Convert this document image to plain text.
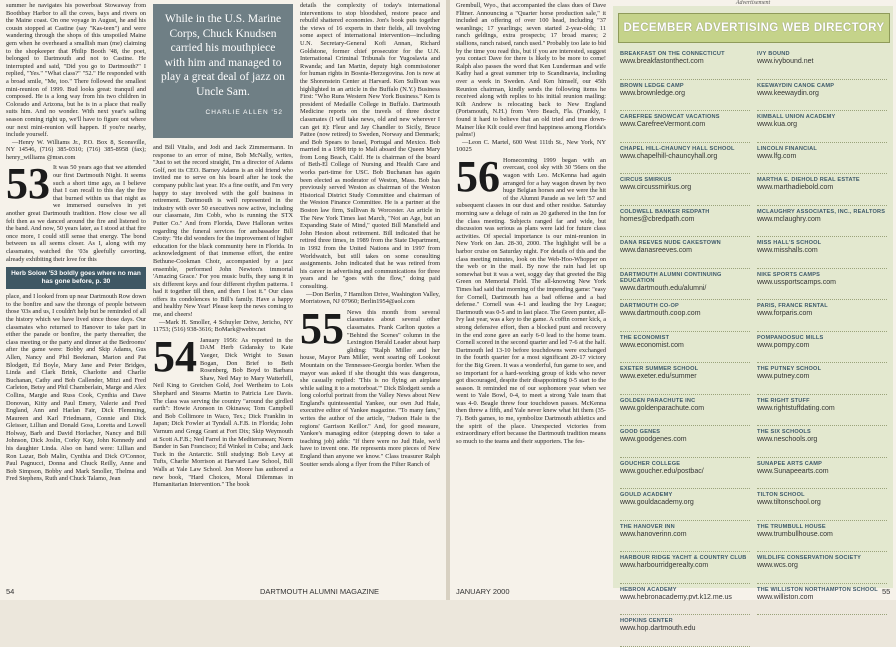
summer he navigates his powerboat Stowaway from Boothbay Harbor to all the coves, bays and rivers on the Maine coast. On one voyage in August, he and his cousin stopped at Castine (say "Kas-teen") and were wandering through the shops of this unspoiled Maine gem when he overheard a smallish man (me) claiming to the shopkeeper that Philip Booth '48, the poet, belonged to Dartmouth and not to Castine. He interrupted and said, "Did you go to Dartmouth?" I replied, "Yes." "What class?" "52." He responded with a broad smile, "Me, too." There followed the smallest mini-reunion of 1999. Bud looks great: tranquil and composed. He is a long way from his two children in Colorado and Arizona, but he is in a place that really suits him. And no wonder. With next year's sailing season coming right up, we'll have to figure out where our next mini-reunion will happen. If you're nearby, include yourself.

—Henry W. Williams Jr., P.O. Box 8, Sconsville, NY 14546, (716) 385-0310; (716) 385-8958 (fax); henry_williams @msn.com

53 It was 50 years ago that we attended our first Dartmouth Night. It seems such a short time ago, as I believe that I can recall to this day the fire that burned within us that night as we immersed ourselves in yet another great Dartmouth tradition. How close we all felt then as we danced around the fire and listened to the band. And now, 50 years later, as I stood at that fire once more, I could still sense that energy. The bond between us all seems closer. As I, along with my classmates, watched the '03s gleefully cavorting, already exhibiting their love for this
Herb Solow '53 boldly goes where no man has gone before, p. 30

place, and I looked from up near Dartmouth Row down to the bonfire and saw the throngs of people between those '03s and us, I couldn't help but be reminded of all the history which we have lived since those days. Our classmates who returned to Hanover to take part in either the parade or bonfire, the party thereafter, the class meeting or the party and dinner at the Bedrooms' after the game were: Bobby and Skip Adams, Gus Allen, Nancy and Phil Beekman, Marion and Pat Blodgett, Ed Boyle, Mary Jane and Peter Bridges, Linda and Clark Brink, Charlotte and Charlie Buchanan, Cathy and Bob Callender, Mitzi and Fred Carleton, Betsy and Phil Chamberlain, Marge and Alex Collins, Margie and Russ Cook, Cynthia and Dave Donovan, Kitty and Paul Emery, Valerie and Fred England, Ann and Harlan Fair, Dick Flemming, Maureen and Karl Friedmann, Connie and Dick Gleisser, Lillian and Donald Goss, Loretta and Lowell Holway, Barb and David Horlacher, Nancy and Bill Johnson, Dick Joslin, Corky Kay, John Kennedy and his daughter Linda. Also on hand were: Lillian and Ron Lazar, Bob Malin, Cynthia and Dick O'Connor, Paul Pagnucci, Donna and Chuck Reilly, Anne and Bob Simpson, Bobby and Mark Smoller, Thelma and Fred Stephens, Ruth and Chuck Talamo, Jean

While in the U.S. Marine Corps, Chuck Knudsen carried his mouthpiece with him and managed to play a great deal of jazz on Uncle Sam.
CHARLIE ALLEN '52

and Bill Vitalis, and Jodi and Jack Zimmermann. In response to an error of mine, Bob McNally, writes, "Just to set the record straight, I'm a director of Adams Golf, not its CEO. Barney Adams is an old friend who invited me to serve on his board after he took the company public last year. It's a fine outfit, and I'm very happy to stay involved with the golf business in retirement. Dartmouth is well represented in the industry with over 50 executives now active, including our classmate, Jim Cobb, who is running the STX Putter Co." And from Florida, Dave Halloran writes regarding the funeral services for ambassador Bill Crotty: "He did wonders for the improvement of higher education for the black community here in Florida. In acknowledgment of that immense effort, the entire Bethune-Cookman Choir, accompanied by a jazz ensemble, performed John Newton's immortal 'Amazing Grace.' For you music buffs, they sang it in six different keys and four different rhythm patterns. I had it together till then, and then I lost it." Our class offers its condolences to Bill's family. Have a happy and healthy New Year! Please keep the news coming to me, and cheers!

—Mark H. Smoller, 4 Schuyler Drive, Jericho, NY 11753; (516) 938-3616; BoMark@webtv.net

54 January 1956: As reported in the DAM Herb Gidansky to Kate Yaeger, Dick Wright to Susan Bogan, Don Brief to Beth Rosenberg, Bob Boyd to Barbara Shaw, Ned May to Mary Watterhill, Neil King to Gretchen Gold, Joel Wertheim to Lois Shephard and Stearns Martin to Patricia Lee Davis. The class was serving the country "around the girdled earth": Howie Aronson in Okinawa; Tom Campbell and Bob Collimore in Waco, Tex.; Dick Franklin in Japan; Dick Fowler at Tyndall A.F.B. in Florida; John Varnum and Gregg Grant at Fort Dix; Skip Weymouth at Scott A.F.B.; Ned Farrel in the Mediterranean; Norm Bander in San Francisco; Ed Winkel in Cuba; and Jack Tuck in the Antarctic. Still studying: Bob Levy at Tufts, Charlie Morrison at Harvard Law School, Bill Walls at Yale Law School. Jon Moore has authored a new book, "Hard Choices, Moral Dilemmas in Humanitarian Intervention." The book

details the complexity of today's international interventions to stop bloodshed, restore peace and rebuild shattered economies. Jon's book puts together the views of 16 experts in their fields, all involving some aspect of international intervention—including U.N. Secretary-General Kofi Annan, Richard Goldstone, former chief prosecutor for the U.N. International Criminal Tribunals for Yugoslavia and Rwanda; and Ian Martin, deputy high commissioner for human rights in Bosnia-Herzegovina. Jon is now at the Shorenstein Center at Harvard. Ken Sullivan was highlighted in an article in the Buffalo (N.Y.) Business First: "Who Runs Western New York Business." Ken is president of Medaille College in Buffalo. Dartmouth Medicine reports on the travels of three doctor classmates (I will take news, old and new wherever I can get it): Fleur and Jay Chandler to Sicily, Bruce Pattee (now retired) to Sweden, Norway and Denmark; and Bob Spears to Israel, Portugal and Mexico. Bob married in a 1998 trip to Mali aboard the Queen Mary from Long Beach, Calif. He is chairman of the board of Beth-El College of Nursing and Health Care and works part-time for USC. Bob Buchanan has again been elected as moderator of Weston, Mass. Bob has previously served Weston as chairman of the Weston Historical District Study Committee and chairman of the Weston Finance Committee. He is a partner at the Boston law firm, Sullivan & Worcester. An article in The New York Times last March, "Not an Age, but an Expanding State of Mind," quoted Bill Mansfield and John Heston about retirement. Bill indicated that he retired three times, in 1989 from the State Department, in 1992 from the United Nations and in 1997 from Worldwatch, but still takes on some consulting assignments. John indicated that he was retired from his career in advertising and communications for three years and he "goes with the flow," doing paid consulting.

—Don Berlin, 7 Hamilton Drive, Washington Valley, Morristown, NJ 07960; Berlin1954@aol.com

55 News this month from several classmates about several other classmates. Frank Carlton quotes a "Behind the Scenes" column in the Lexington Herald Leader about harp gliding: "Ralph Miller and her house, Mayor Pam Miller, went soaring off Lookout Mountain on the Tennessee-Georgia border. When the mayor was asked if she thought this was dangerous, she casually replied: 'This is no flying an airplane while sailing it to a motorboat.'" Dick Blodgett sends a long colorful portrait from the Valley News about New England's quintessential Yankee, our own Jud Hale, executive editor of Yankee magazine. "To many fans," writes the author of the article, "Judson Hale is the regions' Garrison Keillor." And, for good measure, Yankee's managing editor (stepping down to take a teaching job) adds: "If there were no Jud Hale, we'd have to invent one. He represents more pieces of New England than anyone we know." Class treasurer Ralph Soutter sends along a flyer from the Filter Ranch of
54	DARTMOUTH ALUMNI MAGAZINE

Grembull, Wyo., that accompanied the class dues of Dave Flitner. Announcing a "Quarter horse production sale," it included an offering of over 100 head, including "37 weanlings; 17 yearlings; seven started 2-year-olds; 11 ranch geldings, extra prospects; 17 broad mares; 2 stallions, ranch raised, ranch used." Probably too late to bid by the time you read this, but if you are interested, suggest you contact Dave for there is likely to be more to come! Ralph also passes the word that Ken Lunderman and wife Kathy had a great summer trip to Scandinavia, including over a week in Sweden. And Ken himself, our 45th Reunion chairman, kindly sends the following items he received along with replies to his initial reunion mailing: Kilt Andrew is relocating back to New England (Portsmouth, N.H.) from Vero Beach, Fla. (Frankly, I found it hard to believe that an old tried and true down-Mainer like Kilt could ever find happiness among Florida's palms!)

—Leon C. Martel, 600 West 111th St., New York, NY 10025

56 Homecoming 1999 began with an overcast, cool sky with 30 '56ers on the wagon with Leo. McKenna had again arranged for a hay wagon drawn by two huge Belgian horses and we were the hit of the Alumni Parade as we left '57 and subsequent classes in our dust and other residue. Saturday morning saw a deluge of rain as 20 gathered in the Inn for the class meeting. Subjects ranged far and wide, but discussion was serious as plans were laid for future class activities. Of special importance is our mini-reunion in New York on Jan. 28-30, 2000. The highlight will be a harbor cruise on Saturday night. For details of this and the class meeting minutes, look on the Web-Hoo-Whopper on the web or in the mail. By now the rain had let up somewhat but it was a wet, soggy day that greeted the Big Green on Memorial Field. The all-knowing New York Times had said that morning of the impending game: "easy for Cornell, Dartmouth has a bad offense and a bad defense." Cornell was 4-1 and leading the Ivy League; Dartmouth was 0-5 and in last place. The Green punter, all-Ivy last year, was a key to the game. A coffin corner kick, a strong defensive effort, then a blocked punt and recovery in the end zone gave an early 6-0 lead to the home team. Cornell scored in the second quarter and led 7-6 at the half. Dartmouth led 13-10 before touchdowns were exchanged in the fourth quarter for a most significant 20-17 victory for the Big Green. It was a wonderful, fun game to see, and so important for a hard-working group of kids who never got discouraged, despite their disappointing 0-5 start to the season. It reminded me of our sophomore year when we went to Yale Bowl, 0-4, to meet a strong Yale team that was 4-0. Beagle threw four touchdown passes. McKenna then threw a fifth, and Yale never knew what hit them (35-7). Both games, to me, symbolize Dartmouth athletics and the spirit of the place. Unexpected victories from extraordinary effort because the Dartmouth tradition means so much to the teams and their supporters. The fes-
Advertisement
DECEMBER ADVERTISING WEB DIRECTORY
BREAKFAST ON THE CONNECTICUT
www.breakfastonthect.com
BROWN LEDGE CAMP
www.brownledge.org
CAREFREE SNOWCAT VACATIONS
www.CarefreeVermont.com
CHAPEL HILL-CHAUNCY HALL SCHOOL
www.chapelhill-chauncyhall.org
CIRCUS SMIRKUS
www.circussmirkus.org
COLDWELL BANKER REDPATH
homes@cbredpath.com
DANA REEVES NUDE CAKESTOWN
www.danasreeves.com
DARTMOUTH ALUMNI CONTINUING EDUCATION
www.dartmouth.edu/alumni/
DARTMOUTH CO-OP
www.dartmouth.coop.com
THE ECONOMIST
www.economist.com
EXETER SUMMER SCHOOL
www.exeter.edu/summer
GOLDEN PARACHUTE INC
www.goldenparachute.com
GOOD GENES
www.goodgenes.com
GOUCHER COLLEGE
www.goucher.edu/postbac/
GOULD ACADEMY
www.gouldacademy.org
THE HANOVER INN
www.hanoverinn.com
HARBOUR RIDGE YACHT & COUNTRY CLUB
www.harbourridgerealty.com
HEBRON ACADEMY
www.hebronacademy.pvt.k12.me.us
HOPKINS CENTER
www.hop.dartmouth.edu
IVY BOUND
www.ivybound.net
KEEWAYDIN CANOE CAMP
www.keewaydin.org
KIMBALL UNION ACADEMY
www.kua.org
LINCOLN FINANCIAL
www.lfg.com
MARTHA E. DIEHOLD REAL ESTATE
www.marthadiebold.com
MCLAUGHRY ASSOCIATES, INC., REALTORS
www.mclaughry.com
MISS HALL'S SCHOOL
www.misshalls.com
NIKE SPORTS CAMPS
www.ussportscamps.com
PARIS, FRANCE RENTAL
www.forparis.com
POMPANOOSUC MILLS
www.pompy.com
THE PUTNEY SCHOOL
www.putney.com
THE RIGHT STUFF
www.rightstuffdating.com
THE SIX SCHOOLS
www.neschools.org
SUNAPEE ARTS CAMP
www.Sunapeearts.com
TILTON SCHOOL
www.tiltonschool.org
THE TRUMBULL HOUSE
www.trumbullhouse.com
WILDLIFE CONSERVATION SOCIETY
www.wcs.org
THE WILLISTON NORTHAMPTON SCHOOL
www.williston.com
JANUARY 2000	55
